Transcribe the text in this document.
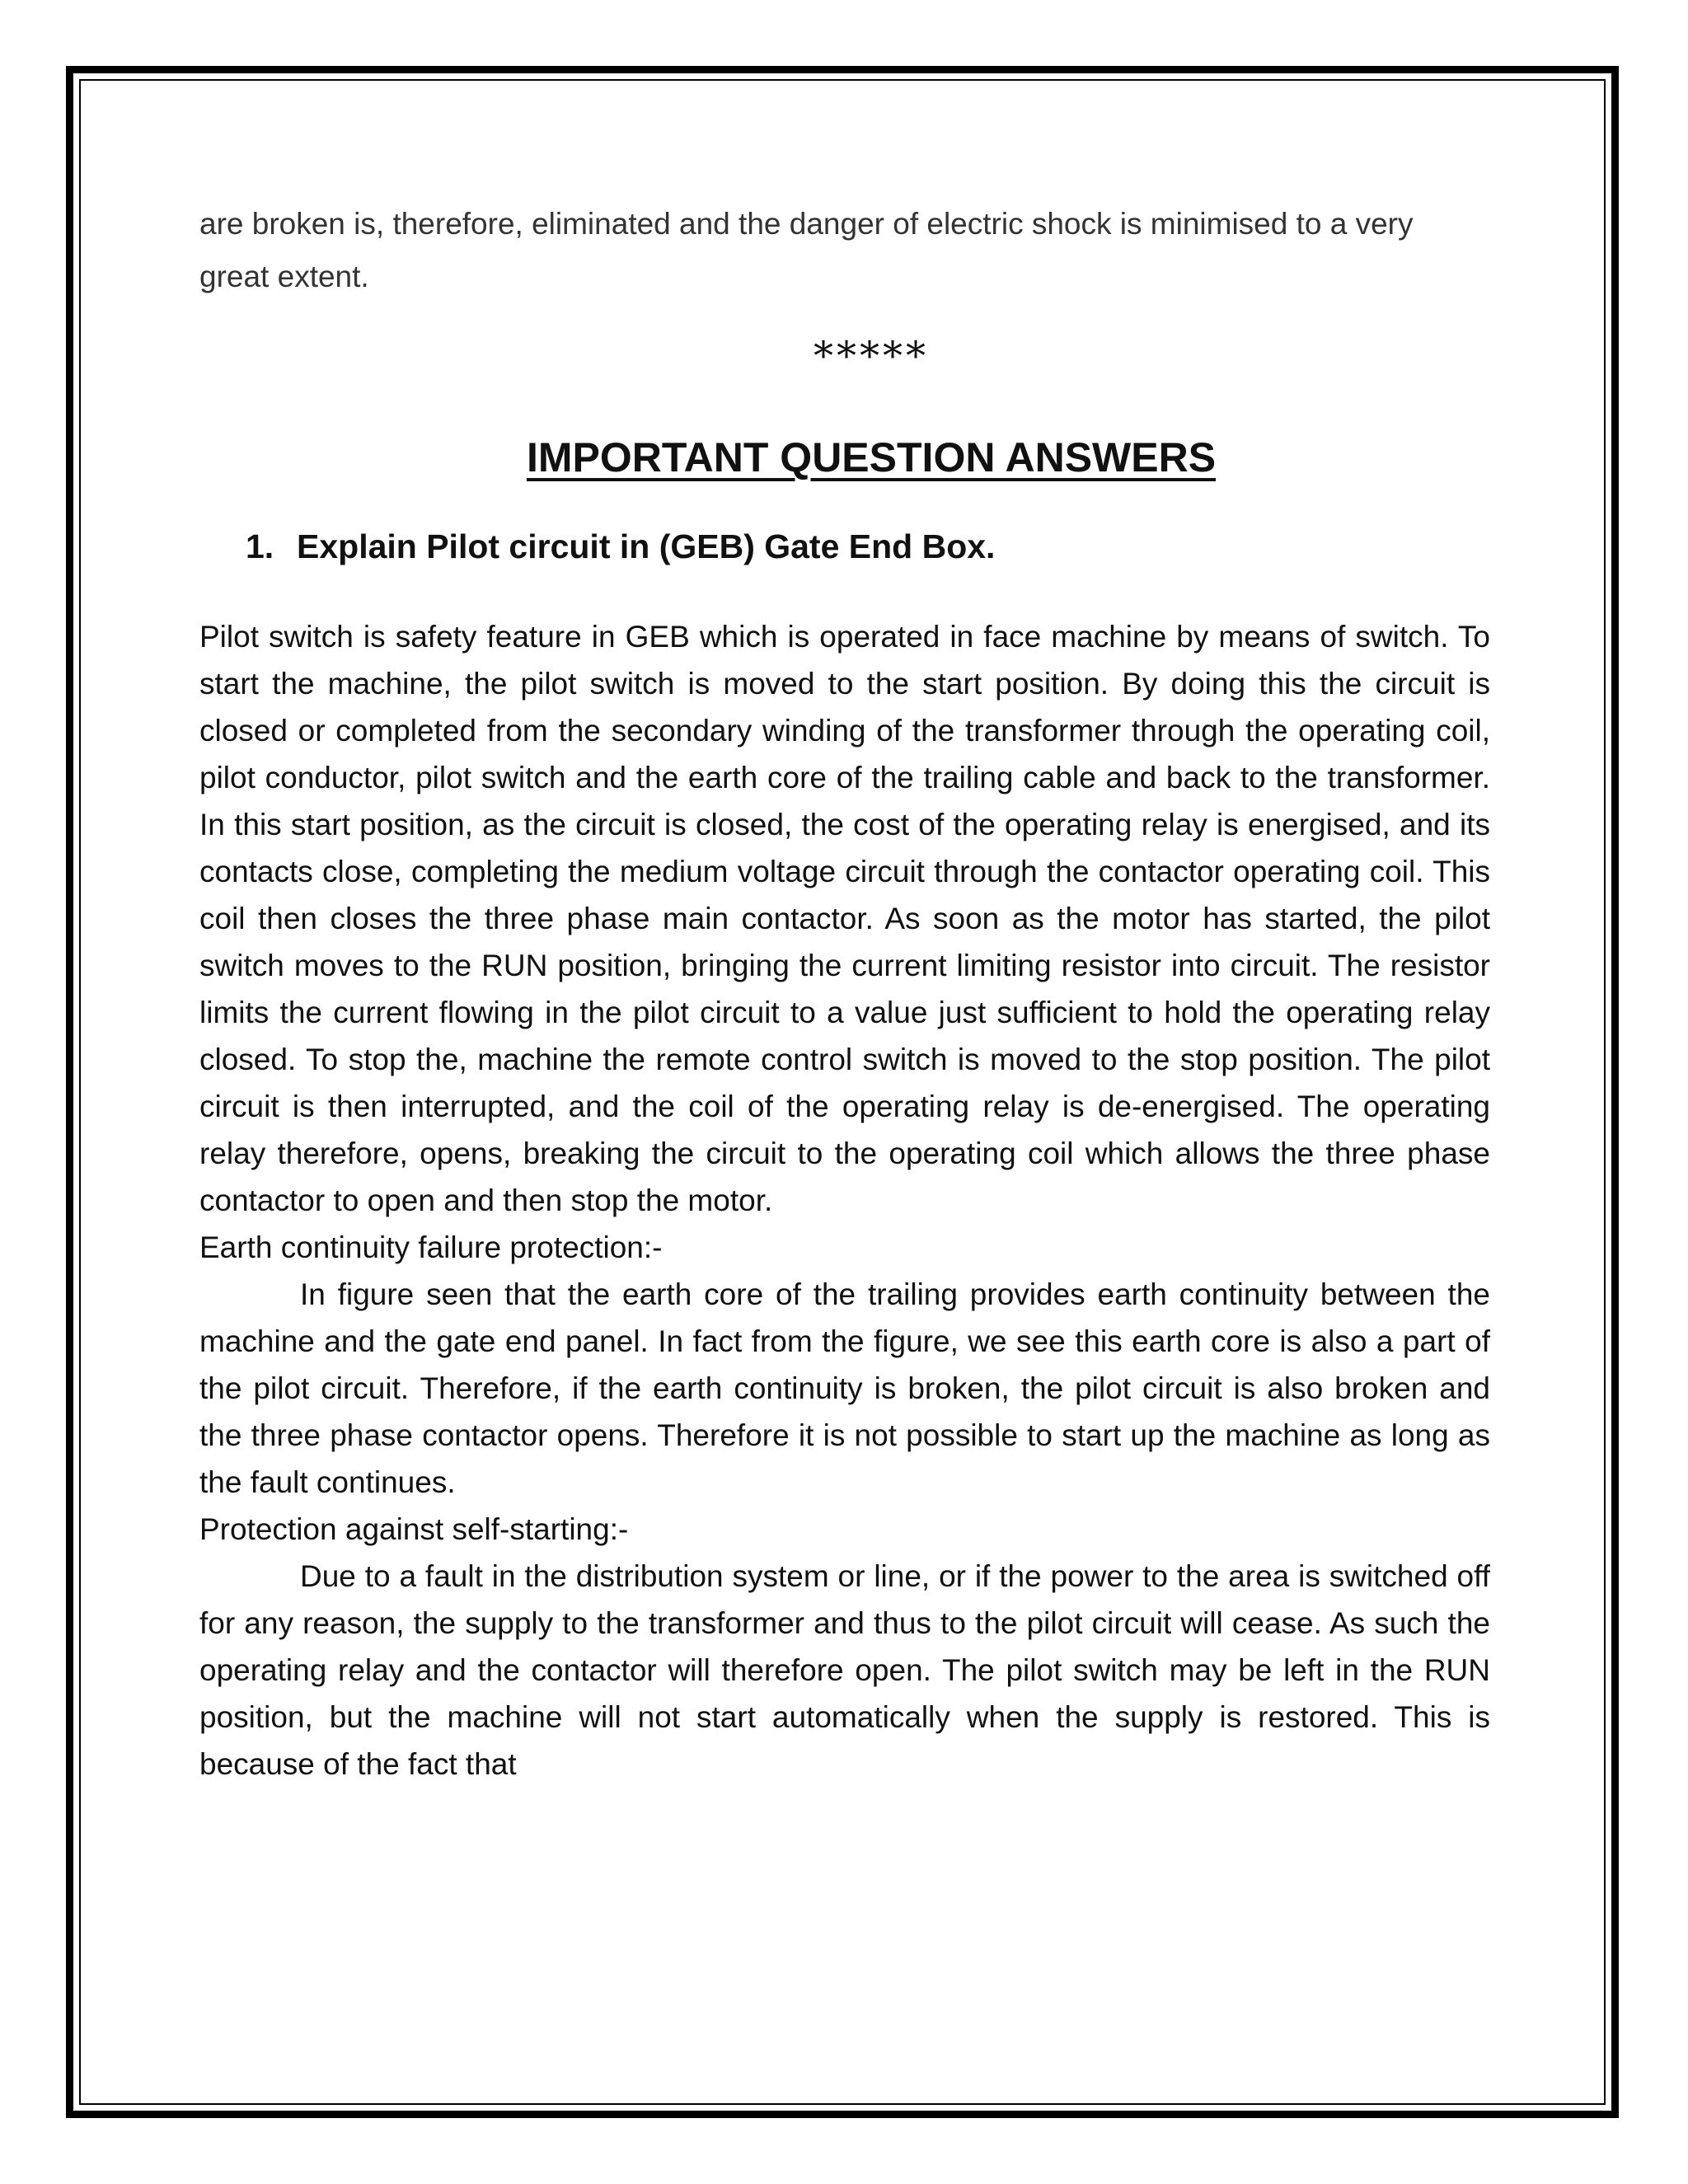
are broken is, therefore, eliminated and the danger of electric shock is minimised to a very great extent.

*****
IMPORTANT QUESTION ANSWERS
1. Explain Pilot circuit in (GEB) Gate End Box.

Pilot switch is safety feature in GEB which is operated in face machine by means of switch. To start the machine, the pilot switch is moved to the start position. By doing this the circuit is closed or completed from the secondary winding of the transformer through the operating coil, pilot conductor, pilot switch and the earth core of the trailing cable and back to the transformer. In this start position, as the circuit is closed, the cost of the operating relay is energised, and its contacts close, completing the medium voltage circuit through the contactor operating coil. This coil then closes the three phase main contactor. As soon as the motor has started, the pilot switch moves to the RUN position, bringing the current limiting resistor into circuit. The resistor limits the current flowing in the pilot circuit to a value just sufficient to hold the operating relay closed. To stop the, machine the remote control switch is moved to the stop position. The pilot circuit is then interrupted, and the coil of the operating relay is de-energised. The operating relay therefore, opens, breaking the circuit to the operating coil which allows the three phase contactor to open and then stop the motor.

Earth continuity failure protection:-

In figure seen that the earth core of the trailing provides earth continuity between the machine and the gate end panel. In fact from the figure, we see this earth core is also a part of the pilot circuit. Therefore, if the earth continuity is broken, the pilot circuit is also broken and the three phase contactor opens. Therefore it is not possible to start up the machine as long as the fault continues.

Protection against self-starting:-

Due to a fault in the distribution system or line, or if the power to the area is switched off for any reason, the supply to the transformer and thus to the pilot circuit will cease. As such the operating relay and the contactor will therefore open. The pilot switch may be left in the RUN position, but the machine will not start automatically when the supply is restored. This is because of the fact that
